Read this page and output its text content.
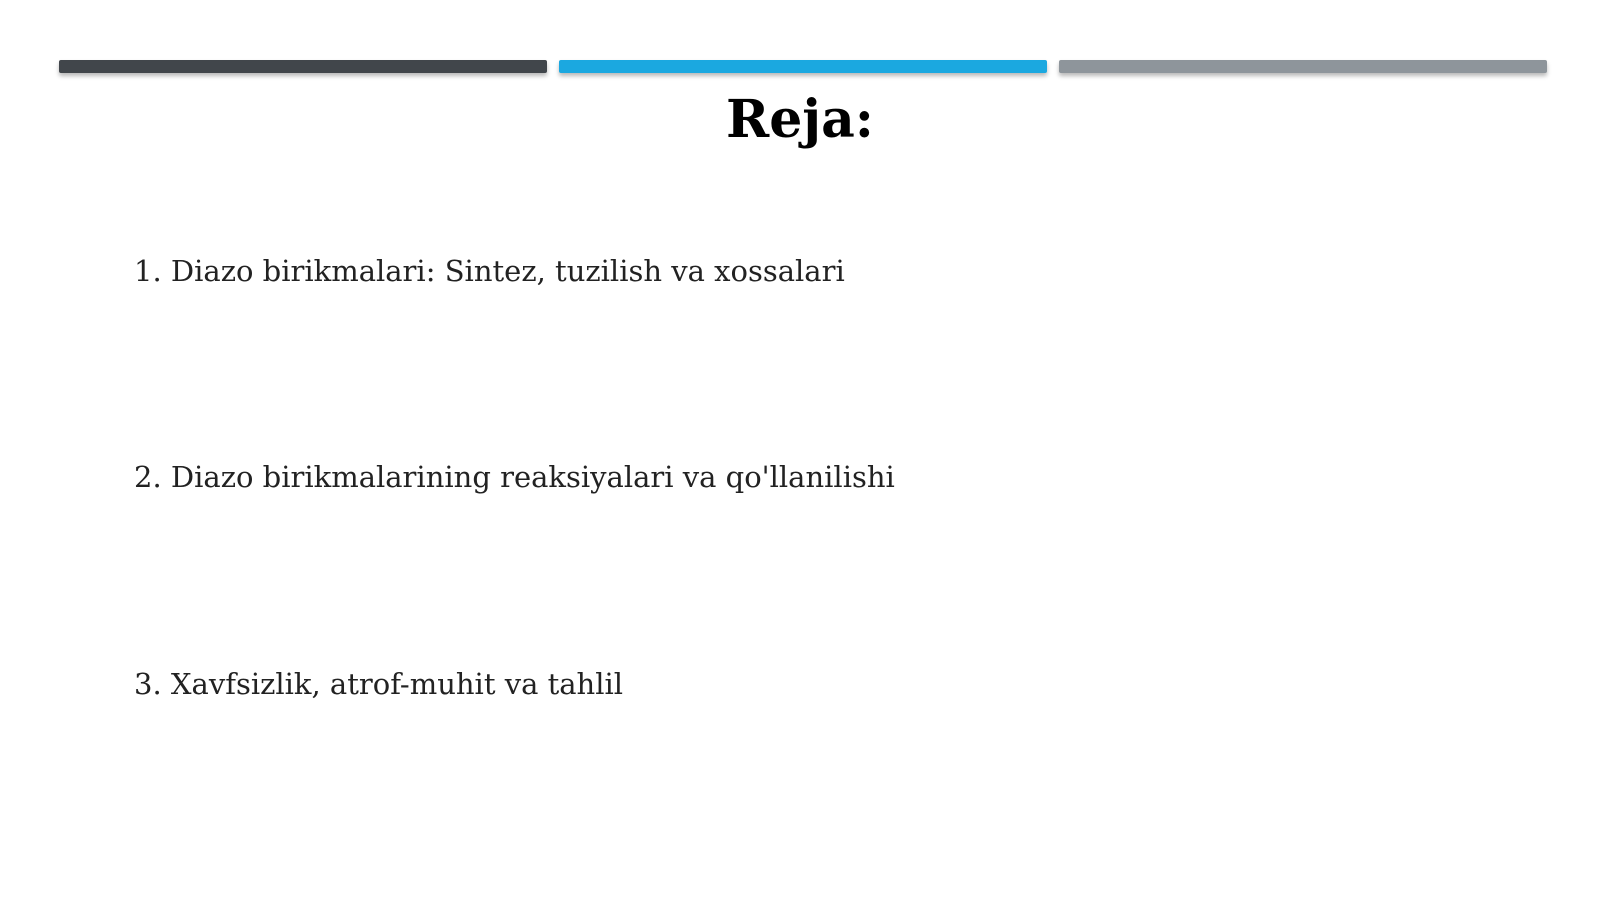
Reja:
1. Diazo birikmalari: Sintez, tuzilish va xossalari
2. Diazo birikmalarining reaksiyalari va qo'llanilishi
3. Xavfsizlik, atrof-muhit va tahlil
